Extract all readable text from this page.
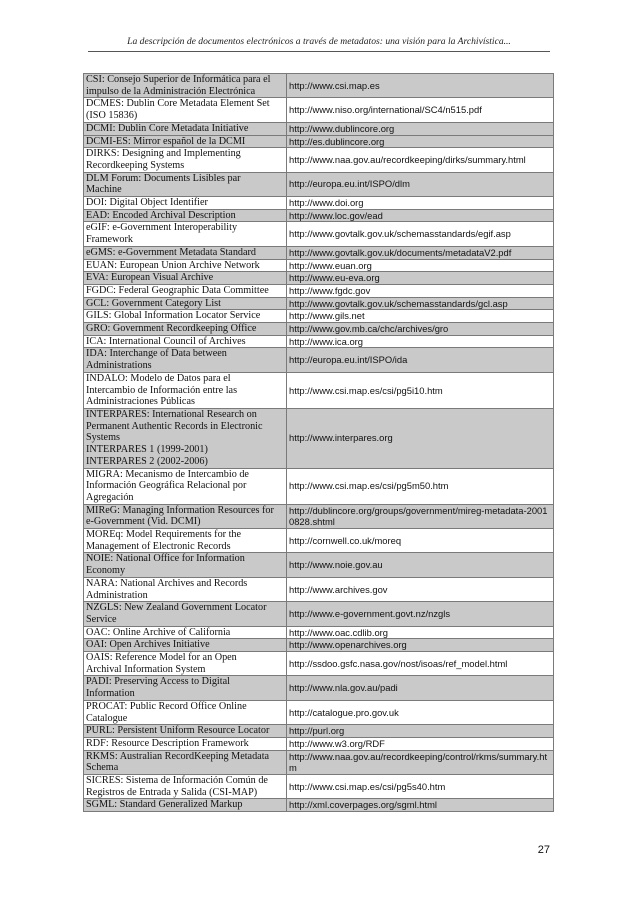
La descripción de documentos electrónicos a través de metadatos: una visión para la Archivística...
CSI: Consejo Superior de Informática para el
impulso de la Administración Electrónica	http://www.csi.map.es

DCMES: Dublin Core Metadata Element Set
(ISO 15836)	http://www.niso.org/international/SC4/n515.pdf

DCMI: Dublin Core Metadata Initiative	http://www.dublincore.org

DCMI-ES: Mirror español de la DCMI	http://es.dublincore.org

DIRKS: Designing and Implementing
Recordkeeping Systems	http://www.naa.gov.au/recordkeeping/dirks/summary.html

DLM Forum: Documents Lisibles par
Machine	http://europa.eu.int/ISPO/dlm

DOI: Digital Object Identifier	http://www.doi.org

EAD: Encoded Archival Description	http://www.loc.gov/ead

eGIF: e-Government Interoperability
Framework	http://www.govtalk.gov.uk/schemasstandards/egif.asp

eGMS: e-Government Metadata Standard	http://www.govtalk.gov.uk/documents/metadataV2.pdf

EUAN: European Union Archive Network	http://www.euan.org

EVA: European Visual Archive	http://www.eu-eva.org

FGDC: Federal Geographic Data Committee	http://www.fgdc.gov

GCL: Government Category List	http://www.govtalk.gov.uk/schemasstandards/gcl.asp

GILS: Global Information Locator Service	http://www.gils.net

GRO: Government Recordkeeping Office	http://www.gov.mb.ca/chc/archives/gro

ICA: International Council of Archives	http://www.ica.org

IDA: Interchange of Data between
Administrations	http://europa.eu.int/ISPO/ida

INDALO: Modelo de Datos para el
Intercambio de Información entre las
Administraciones Públicas	http://www.csi.map.es/csi/pg5i10.htm

INTERPARES: International Research on
Permanent Authentic Records in Electronic
Systems
INTERPARES 1 (1999-2001)
INTERPARES 2 (2002-2006)	http://www.interpares.org

MIGRA: Mecanismo de Intercambio de
Información Geográfica Relacional por
Agregación	http://www.csi.map.es/csi/pg5m50.htm

MIReG: Managing Information Resources for
e-Government (Vid. DCMI)	http://dublincore.org/groups/government/mireg-metadata-20010828.shtml

MOREq: Model Requirements for the
Management of Electronic Records	http://cornwell.co.uk/moreq

NOIE: National Office for Information
Economy	http://www.noie.gov.au

NARA: National Archives and Records
Administration	http://www.archives.gov

NZGLS: New Zealand Government Locator
Service	http://www.e-government.govt.nz/nzgls

OAC: Online Archive of California	http://www.oac.cdlib.org

OAI: Open Archives Initiative	http://www.openarchives.org

OAIS: Reference Model for an Open
Archival Information System	http://ssdoo.gsfc.nasa.gov/nost/isoas/ref_model.html

PADI: Preserving Access to Digital
Information	http://www.nla.gov.au/padi

PROCAT: Public Record Office Online
Catalogue	http://catalogue.pro.gov.uk

PURL: Persistent Uniform Resource Locator	http://purl.org

RDF: Resource Description Framework	http://www.w3.org/RDF

RKMS: Australian RecordKeeping Metadata
Schema	http://www.naa.gov.au/recordkeeping/control/rkms/summary.htm

SICRES: Sistema de Información Común de
Registros de Entrada y Salida (CSI-MAP)	http://www.csi.map.es/csi/pg5s40.htm

SGML: Standard Generalized Markup	http://xml.coverpages.org/sgml.html
27
